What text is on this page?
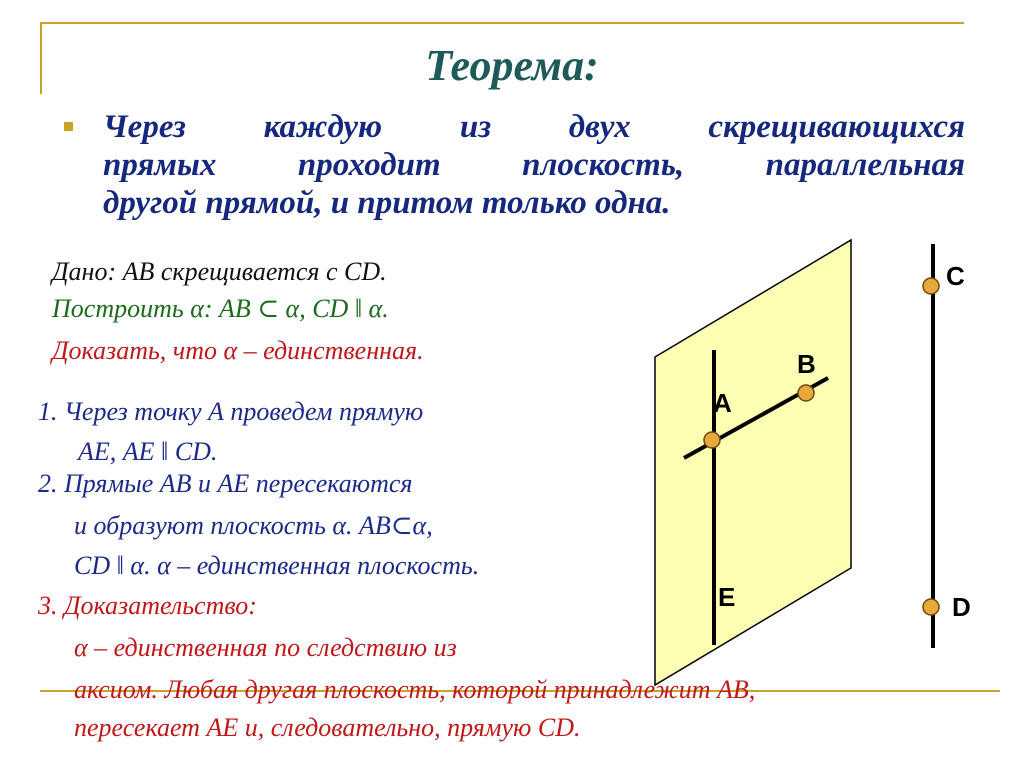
Теорема:
Через каждую из двух скрещивающихся
прямых проходит плоскость, параллельная
другой прямой, и притом только одна.
А
В
С
D
Е
Дано: АВ скрещивается с СD.
Построить α: АВ ⊂ α, СD ǁ α.
Доказать, что α – единственная.
1. Через точку А проведем прямую
АЕ, АЕ ǁ СD.
2. Прямые АВ и АЕ пересекаются
и образуют плоскость α. АВ⊂α,
СD ǁ α. α – единственная плоскость.
3. Доказательство:
α – единственная по следствию из
аксиом. Любая другая плоскость, которой принадлежит АВ,
пересекает АЕ и, следовательно, прямую СD.
